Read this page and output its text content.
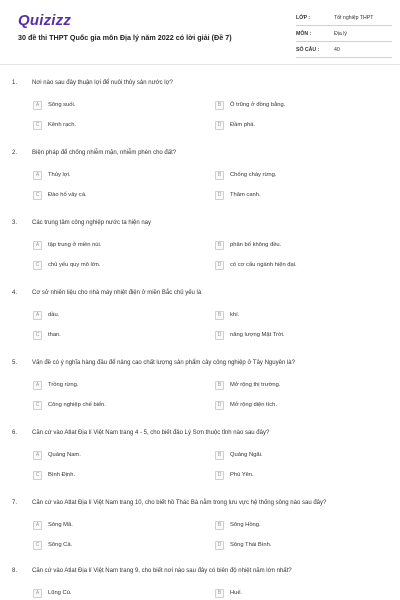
Quizizz
30 đề thi THPT Quốc gia môn Địa lý năm 2022 có lời giải (Đề 7)
LỚP :	Tốt nghiệp THPT
MÔN :	Địa lý
SỐ CÂU :	40
1. Nơi nào sau đây thuận lợi để nuôi thủy sản nước lợ?
A	Sông suối.	B	Ô trũng ở đồng bằng.
C	Kênh rạch.	D	Đầm phá.
2. Biện pháp để chống nhiễm mặn, nhiễm phèn cho đất?
A	Thủy lợi.	B	Chống cháy rừng.
C	Đào hố vảy cá.	D	Thâm canh.
3. Các trung tâm công nghiệp nước ta hiện nay
A	tập trung ở miền núi.	B	phân bố không đều.
C	chủ yếu quy mô lớn.	D	có cơ cấu ngành hiện đại.
4. Cơ sở nhiên liệu cho nhà máy nhiệt điện ở miền Bắc chủ yếu là
A	dầu.	B	khí.
C	than.	D	năng lượng Mặt Trời.
5. Vấn đề có ý nghĩa hàng đầu để nâng cao chất lượng sản phẩm cây công nghiệp ở Tây Nguyên là?
A	Trồng rừng.	B	Mở rộng thị trường.
C	Công nghiệp chế biến.	D	Mở rộng diện tích.
6. Căn cứ vào Atlat Địa lí Việt Nam trang 4 - 5, cho biết đảo Lý Sơn thuộc tỉnh nào sau đây?
A	Quảng Nam.	B	Quảng Ngãi.
C	Bình Định.	D	Phú Yên.
7. Căn cứ vào Atlat Địa lí Việt Nam trang 10, cho biết hồ Thác Bà nằm trong lưu vực hệ thống sông nào sau đây?
A	Sông Mã.	B	Sông Hồng.
C	Sông Cả.	D	Sông Thái Bình.
8. Căn cứ vào Atlat Địa lí Việt Nam trang 9, cho biết nơi nào sau đây có biên độ nhiệt năm lớn nhất?
A	Lũng Cú.	B	Huế.
